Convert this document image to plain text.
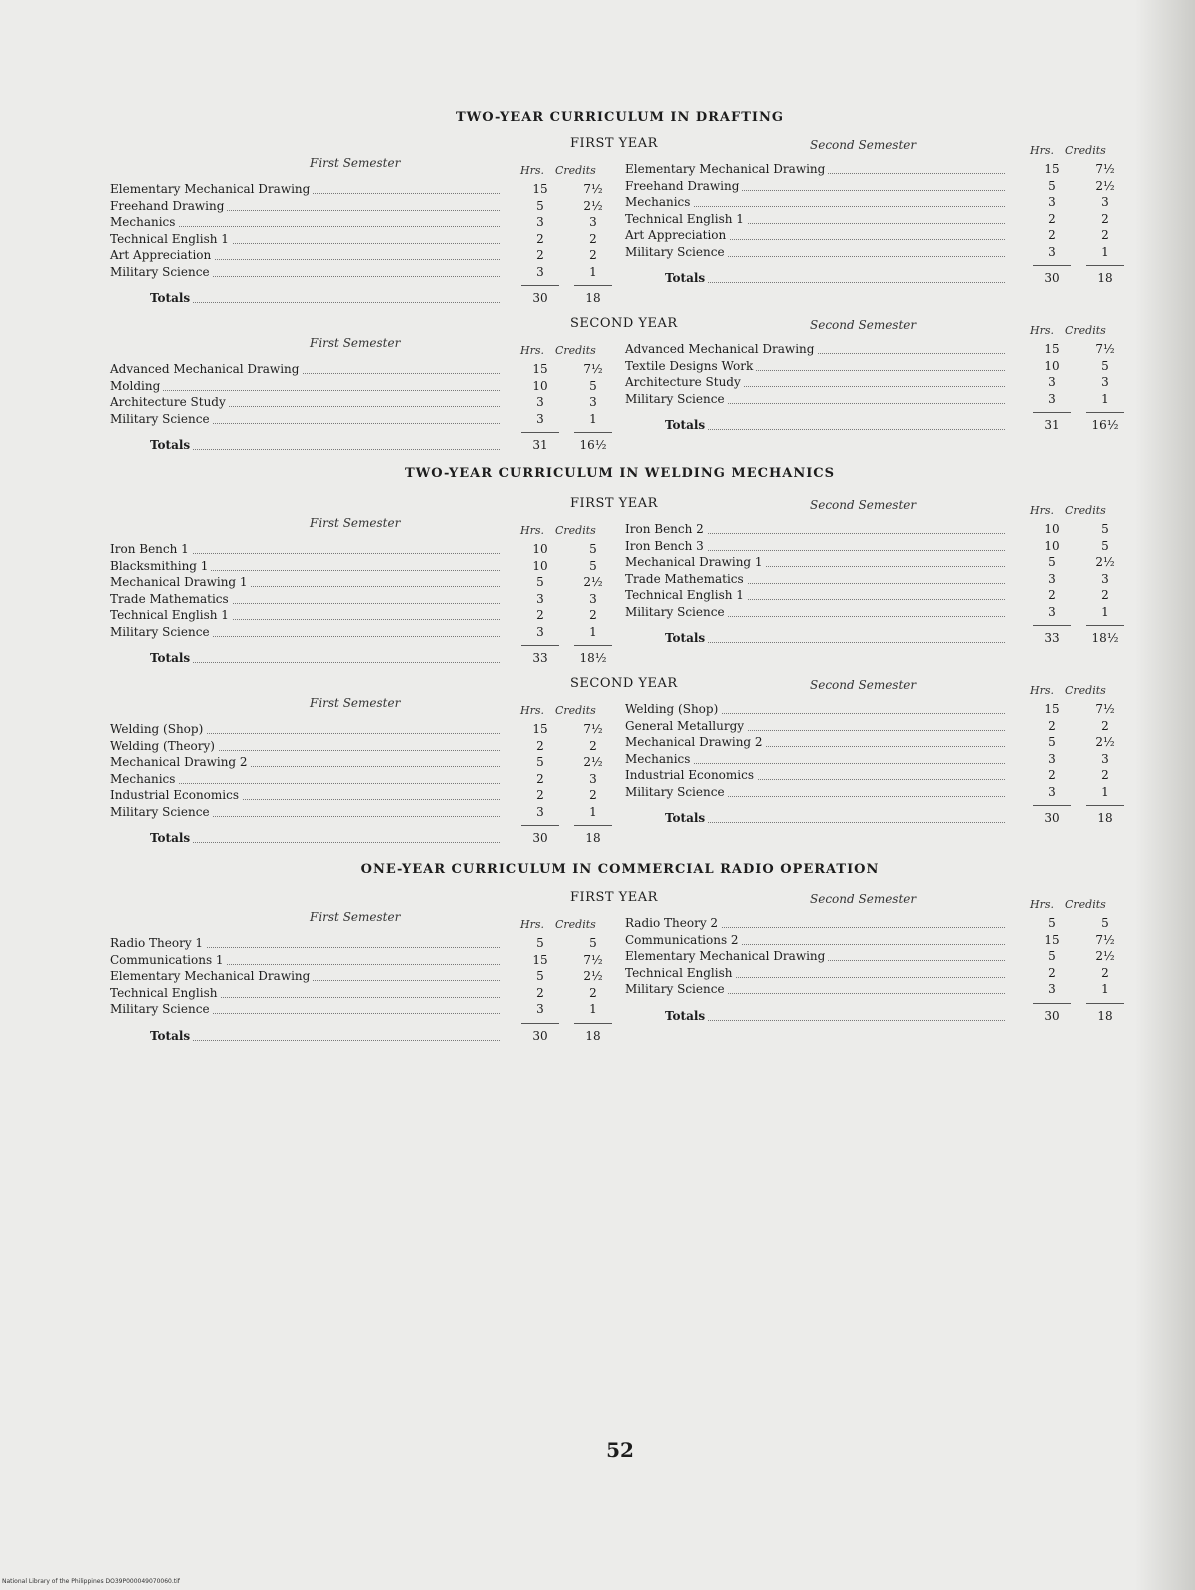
TWO-YEAR CURRICULUM IN DRAFTING
FIRST YEAR
First Semester
Hrs. Credits
Elementary Mechanical Drawing	15	7½
Freehand Drawing	5	2½
Mechanics	3	3
Technical English 1	2	2
Art Appreciation	2	2
Military Science	3	1
Totals	30	18
Second Semester	Hrs. Credits
Elementary Mechanical Drawing	15	7½
Freehand Drawing	5	2½
Mechanics	3	3
Technical English 1	2	2
Art Appreciation	2	2
Military Science	3	1
Totals	30	18
SECOND YEAR
First Semester
Hrs. Credits
Advanced Mechanical Drawing	15	7½
Molding	10	5
Architecture Study	3	3
Military Science	3	1
Totals	31	16½
Second Semester	Hrs. Credits
Advanced Mechanical Drawing	15	7½
Textile Designs Work	10	5
Architecture Study	3	3
Military Science	3	1
Totals	31	16½
TWO-YEAR CURRICULUM IN WELDING MECHANICS
FIRST YEAR
First Semester
Hrs. Credits
Iron Bench 1	10	5
Blacksmithing 1	10	5
Mechanical Drawing 1	5	2½
Trade Mathematics	3	3
Technical English 1	2	2
Military Science	3	1
Totals	33	18½
Second Semester	Hrs. Credits
Iron Bench 2	10	5
Iron Bench 3	10	5
Mechanical Drawing 1	5	2½
Trade Mathematics	3	3
Technical English 1	2	2
Military Science	3	1
Totals	33	18½
SECOND YEAR
First Semester
Hrs. Credits
Welding (Shop)	15	7½
Welding (Theory)	2	2
Mechanical Drawing 2	5	2½
Mechanics	2	3
Industrial Economics	2	2
Military Science	3	1
Totals	30	18
Second Semester	Hrs. Credits
Welding (Shop)	15	7½
General Metallurgy	2	2
Mechanical Drawing 2	5	2½
Mechanics	3	3
Industrial Economics	2	2
Military Science	3	1
Totals	30	18
ONE-YEAR CURRICULUM IN COMMERCIAL RADIO OPERATION
FIRST YEAR
First Semester
Hrs. Credits
Radio Theory 1	5	5
Communications 1	15	7½
Elementary Mechanical Drawing	5	2½
Technical English	2	2
Military Science	3	1
Totals	30	18
Second Semester	Hrs. Credits
Radio Theory 2	5	5
Communications 2	15	7½
Elementary Mechanical Drawing	5	2½
Technical English	2	2
Military Science	3	1
Totals	30	18
52
National Library of the Philippines DO39P000049070060.tif
